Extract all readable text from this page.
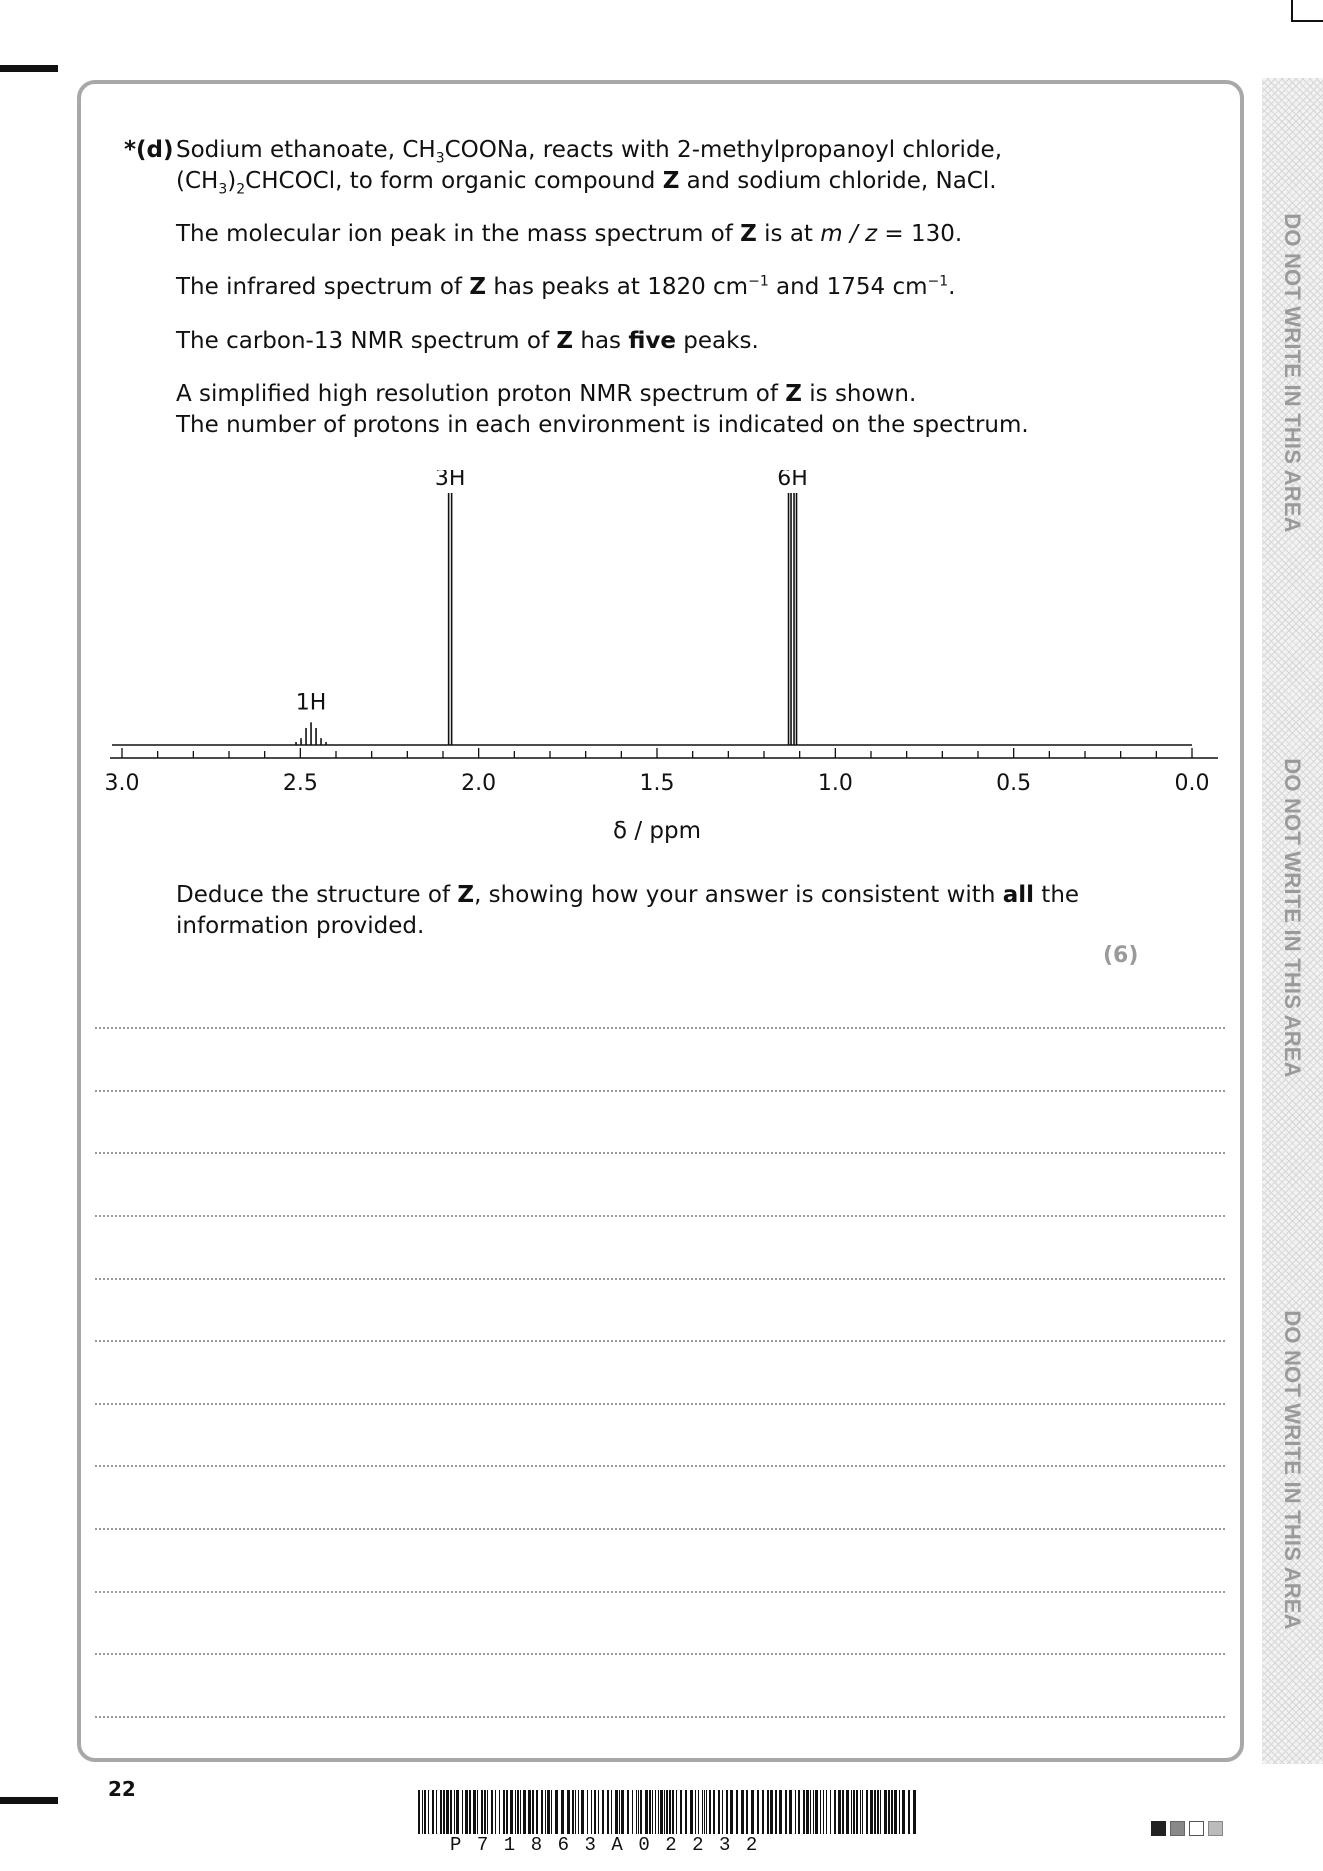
DO NOT WRITE IN THIS AREA
DO NOT WRITE IN THIS AREA
DO NOT WRITE IN THIS AREA
*(d) Sodium ethanoate, $CH_3COONa$, reacts with 2-methylpropanoyl chloride,
$(CH_3)_2CHCOCl$, to form organic compound Z and sodium chloride, NaCl.
The molecular ion peak in the mass spectrum of Z is at m / z = 130.
The infrared spectrum of Z has peaks at 1820 $cm^{-1}$ and 1754 $cm^{-1}$.
The carbon-13 NMR spectrum of Z has five peaks.
A simplified high resolution proton NMR spectrum of Z is shown.
The number of protons in each environment is indicated on the spectrum.
3.0	2.5	2.0	1.5	1.0	0.5	0.0
δ / ppm
1H
3H	6H
Deduce the structure of Z, showing how your answer is consistent with all the
information provided.
(6)
22
P71863A02232
